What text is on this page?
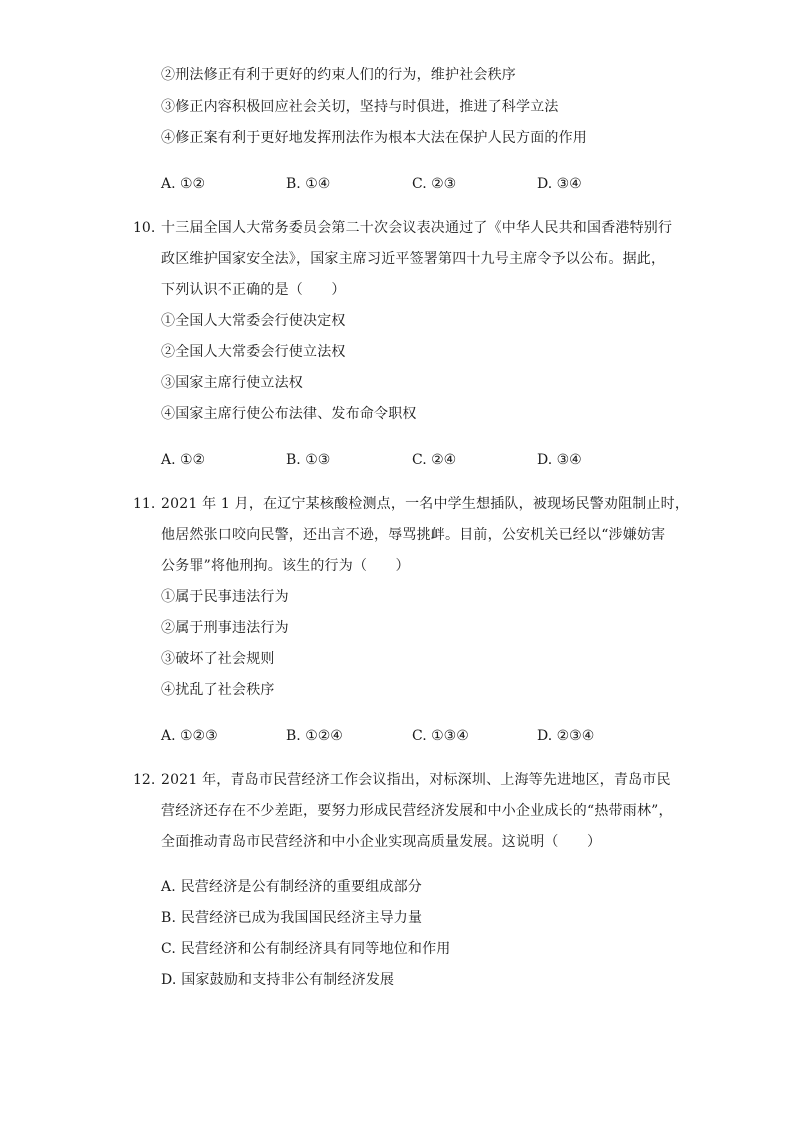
②刑法修正有利于更好的约束人们的行为，维护社会秩序
③修正内容积极回应社会关切，坚持与时俱进，推进了科学立法
④修正案有利于更好地发挥刑法作为根本大法在保护人民方面的作用
A. ①②	B. ①④	C. ②③	D. ③④
10. 十三届全国人大常务委员会第二十次会议表决通过了《中华人民共和国香港特别行
政区维护国家安全法》，国家主席习近平签署第四十九号主席令予以公布。据此，
下列认识不正确的是（　　）
①全国人大常委会行使决定权
②全国人大常委会行使立法权
③国家主席行使立法权
④国家主席行使公布法律、发布命令职权
A. ①②	B. ①③	C. ②④	D. ③④
11. 2021 年 1 月，在辽宁某核酸检测点，一名中学生想插队，被现场民警劝阻制止时，
他居然张口咬向民警，还出言不逊，辱骂挑衅。目前，公安机关已经以“涉嫌妨害
公务罪”将他刑拘。该生的行为（　　）
①属于民事违法行为
②属于刑事违法行为
③破坏了社会规则
④扰乱了社会秩序
A. ①②③	B. ①②④	C. ①③④	D. ②③④
12. 2021 年，青岛市民营经济工作会议指出，对标深圳、上海等先进地区，青岛市民
营经济还存在不少差距，要努力形成民营经济发展和中小企业成长的“热带雨林”，
全面推动青岛市民营经济和中小企业实现高质量发展。这说明（　　）
A. 民营经济是公有制经济的重要组成部分
B. 民营经济已成为我国国民经济主导力量
C. 民营经济和公有制经济具有同等地位和作用
D. 国家鼓励和支持非公有制经济发展
